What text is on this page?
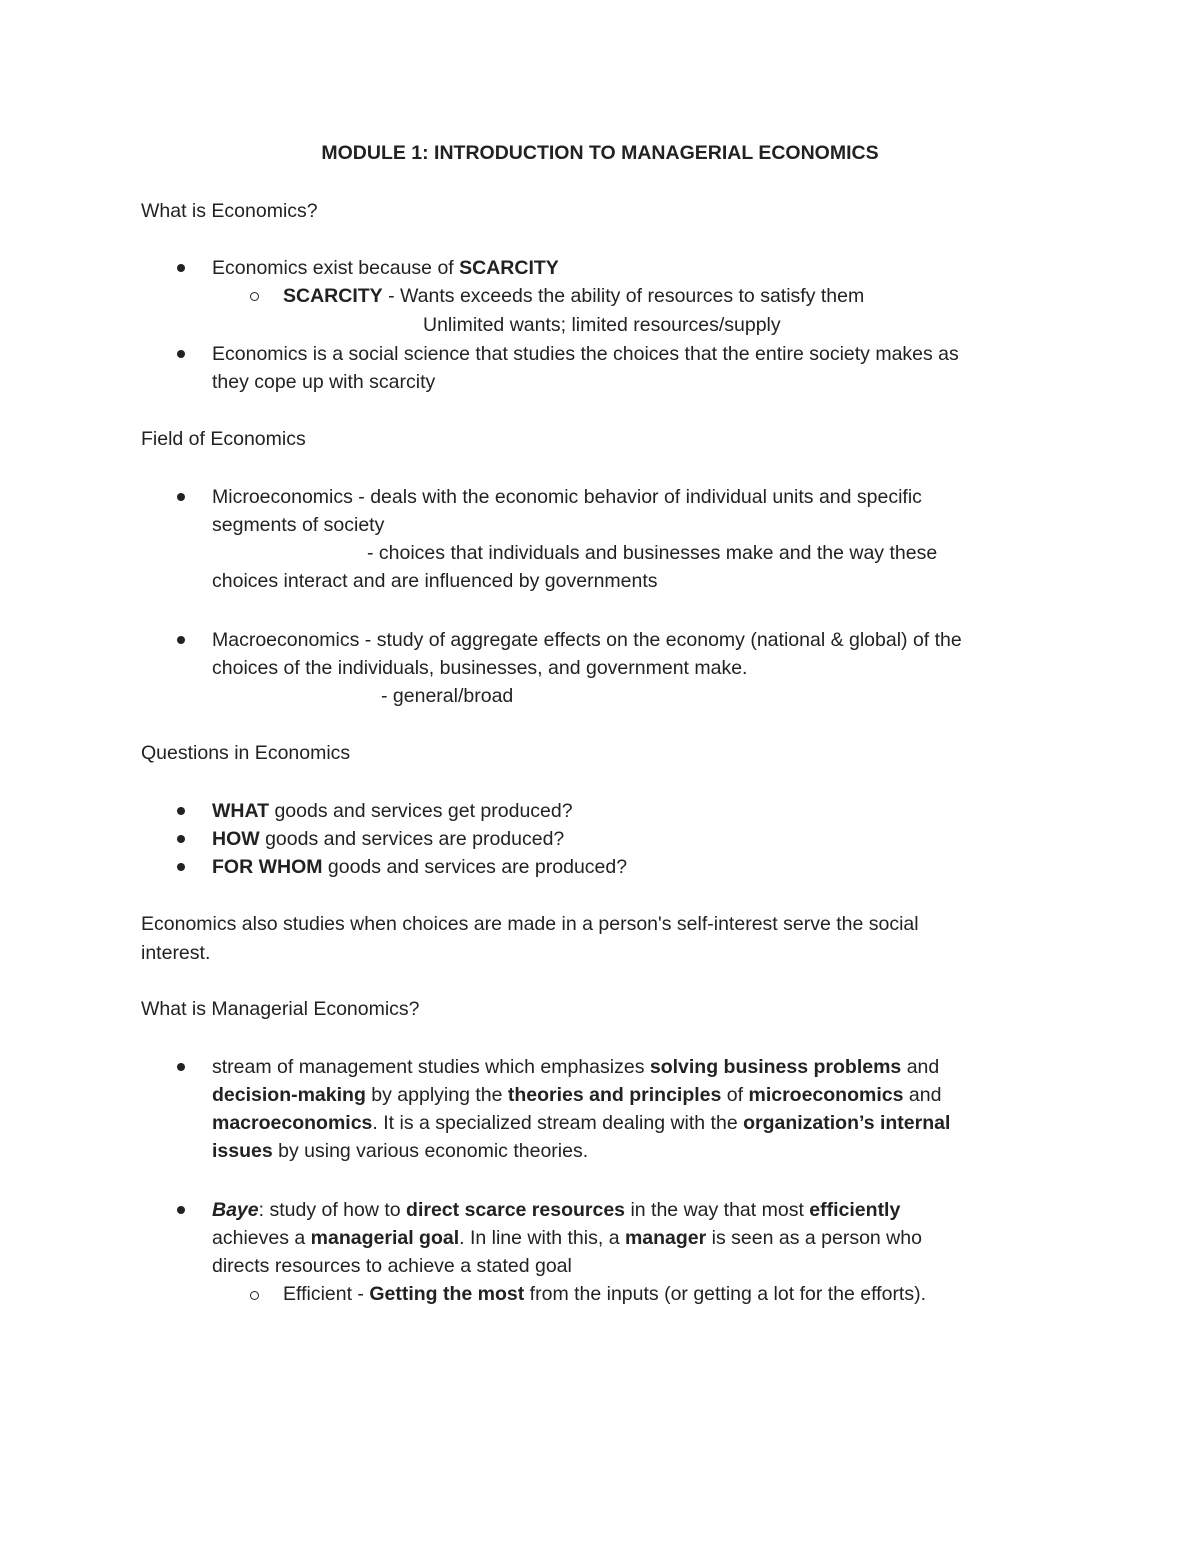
MODULE 1: INTRODUCTION TO MANAGERIAL ECONOMICS
What is Economics?
Economics exist because of SCARCITY
SCARCITY - Wants exceeds the ability of resources to satisfy them
Unlimited wants; limited resources/supply
Economics is a social science that studies the choices that the entire society makes as
they cope up with scarcity
Field of Economics
Microeconomics - deals with the economic behavior of individual units and specific
segments of society
- choices that individuals and businesses make and the way these
choices interact and are influenced by governments
Macroeconomics - study of aggregate effects on the economy (national & global) of the
choices of the individuals, businesses, and government make.
- general/broad
Questions in Economics
WHAT goods and services get produced?
HOW goods and services are produced?
FOR WHOM goods and services are produced?
Economics also studies when choices are made in a person's self-interest serve the social
interest.
What is Managerial Economics?
stream of management studies which emphasizes solving business problems and
decision-making by applying the theories and principles of microeconomics and
macroeconomics. It is a specialized stream dealing with the organization’s internal
issues by using various economic theories.
Baye: study of how to direct scarce resources in the way that most efficiently
achieves a managerial goal. In line with this, a manager is seen as a person who
directs resources to achieve a stated goal
Efficient - Getting the most from the inputs (or getting a lot for the efforts).
